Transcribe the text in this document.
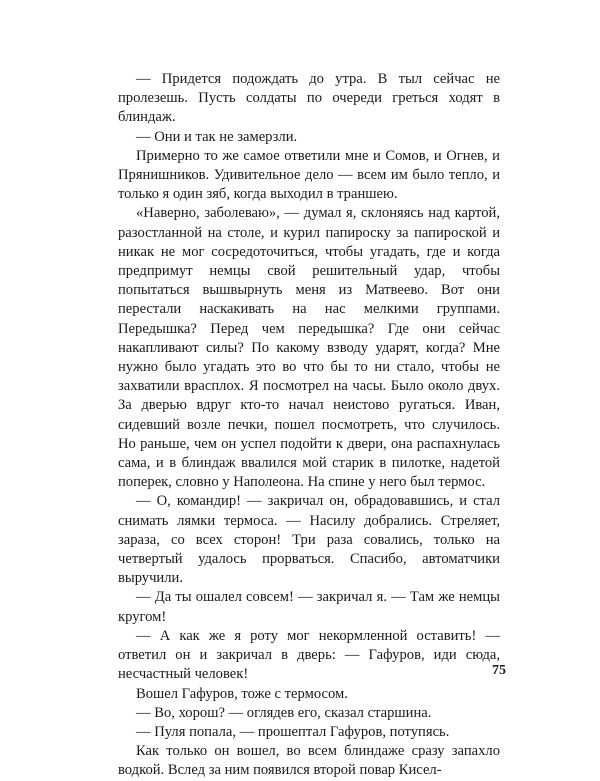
— Придется подождать до утра. В тыл сейчас не пролезешь. Пусть солдаты по очереди греться ходят в блиндаж.

— Они и так не замерзли.

Примерно то же самое ответили мне и Сомов, и Огнев, и Прянишников. Удивительное дело — всем им было тепло, и только я один зяб, когда выходил в траншею.

«Наверно, заболеваю», — думал я, склоняясь над картой, разостланной на столе, и курил папироску за папироской и никак не мог сосредоточиться, чтобы угадать, где и когда предпримут немцы свой решительный удар, чтобы попытаться вышвырнуть меня из Матвеево. Вот они перестали наскакивать на нас мелкими группами. Передышка? Перед чем передышка? Где они сейчас накапливают силы? По какому взводу ударят, когда? Мне нужно было угадать это во что бы то ни стало, чтобы не захватили врасплох. Я посмотрел на часы. Было около двух. За дверью вдруг кто-то начал неистово ругаться. Иван, сидевший возле печки, пошел посмотреть, что случилось. Но раньше, чем он успел подойти к двери, она распахнулась сама, и в блиндаж ввалился мой старик в пилотке, надетой поперек, словно у Наполеона. На спине у него был термос.

— О, командир! — закричал он, обрадовавшись, и стал снимать лямки термоса. — Насилу добрались. Стреляет, зараза, со всех сторон! Три раза совались, только на четвертый удалось прорваться. Спасибо, автоматчики выручили.

— Да ты ошалел совсем! — закричал я. — Там же немцы кругом!

— А как же я роту мог некормленной оставить! — ответил он и закричал в дверь: — Гафуров, иди сюда, несчастный человек!

Вошел Гафуров, тоже с термосом.

— Во, хорош? — оглядев его, сказал старшина.

— Пуля попала, — прошептал Гафуров, потупясь.

Как только он вошел, во всем блиндаже сразу запахло водкой. Вслед за ним появился второй повар Кисел-

75
